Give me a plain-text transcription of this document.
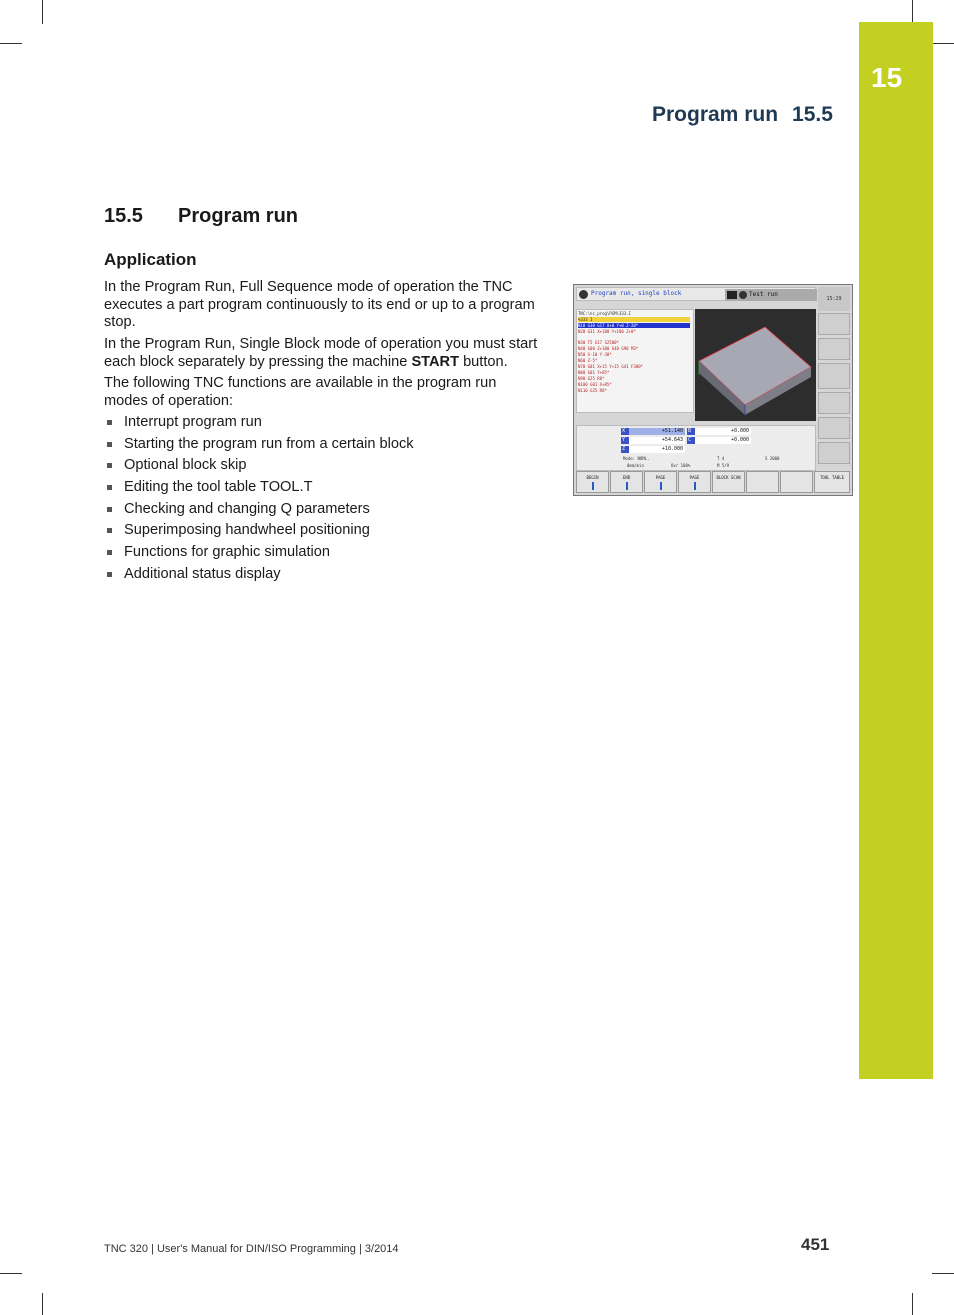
15
Program run 15.5
15.5 Program run
Application
In the Program Run, Full Sequence mode of operation the TNC executes a part program continuously to its end or up to a program stop.
In the Program Run, Single Block mode of operation you must start each block separately by pressing the machine START button.
The following TNC functions are available in the program run modes of operation:
Interrupt program run
Starting the program run from a certain block
Optional block skip
Editing the tool table TOOL.T
Checking and changing Q parameters
Superimposing handwheel positioning
Functions for graphic simulation
Additional status display
Program run, single block	Test run
15:29
TNC:\nc_prog\PGM\333.I
%333 I
N10 G30 G17 X+0 Y+0 Z-20*
N20 G31 X+100 Y+100 Z+0*
N30 T5 G17 S2500*
N40 G00 Z+100 G40 G90 M3*
N50 X-10 Y-30*
N60 Z-5*
N70 G01 X+15 Y+15 G41 F300*
N80 G01 Y+85*
N90 G25 R8*
N100 G01 X+85*
N110 G25 R8*
X	+51.140
Y	+54.643
Z	+10.000
B	+0.000
C	+0.000
Mode: NOML.	T 4	S 2000
0mm/min	Ovr 100%	M 5/9
BEGIN	END	PAGE	PAGE	BLOCK SCAN	TOOL TABLE
TNC 320 | User's Manual for DIN/ISO Programming | 3/2014	451
